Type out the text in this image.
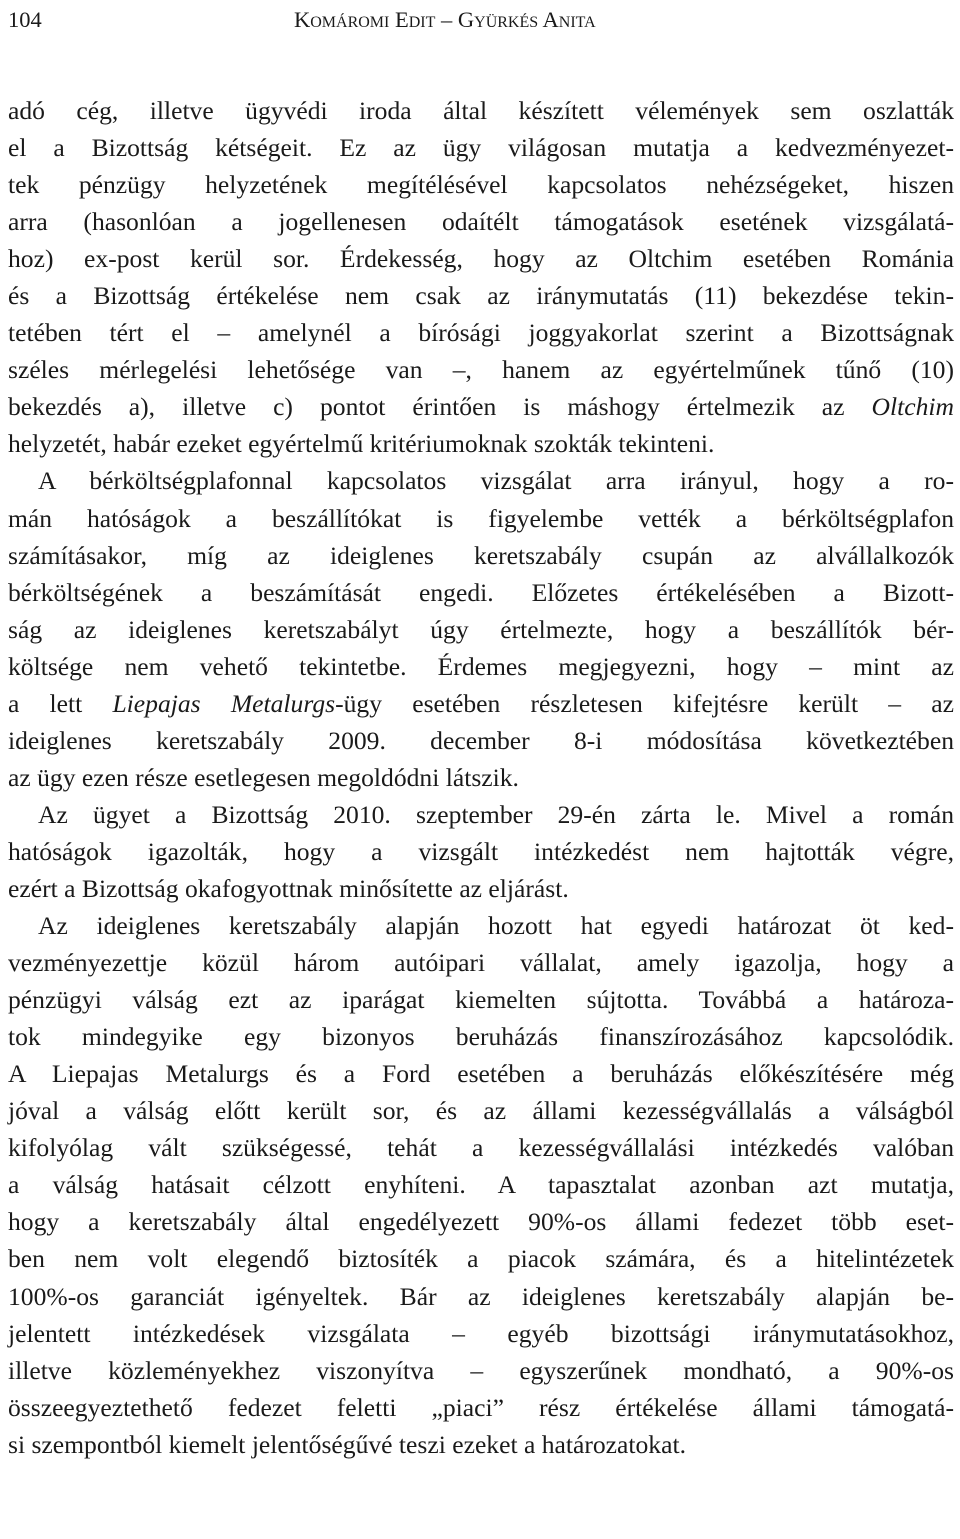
104	Komáromi Edit – Gyürkés Anita
adó cég, illetve ügyvédi iroda által készített vélemények sem oszlatták
el a Bizottság kétségeit. Ez az ügy világosan mutatja a kedvezményezet-
tek pénzügy helyzetének megítélésével kapcsolatos nehézségeket, hiszen
arra (hasonlóan a jogellenesen odaítélt támogatások esetének vizsgálatá-
hoz) ex-post kerül sor. Érdekesség, hogy az Oltchim esetében Románia
és a Bizottság értékelése nem csak az iránymutatás (11) bekezdése tekin-
tetében tért el – amelynél a bírósági joggyakorlat szerint a Bizottságnak
széles mérlegelési lehetősége van –, hanem az egyértelműnek tűnő (10)
bekezdés a), illetve c) pontot érintően is máshogy értelmezik az Oltchim
helyzetét, habár ezeket egyértelmű kritériumoknak szokták tekinteni.
A bérköltségplafonnal kapcsolatos vizsgálat arra irányul, hogy a ro-
mán hatóságok a beszállítókat is figyelembe vették a bérköltségplafon
számításakor, míg az ideiglenes keretszabály csupán az alvállalkozók
bérköltségének a beszámítását engedi. Előzetes értékelésében a Bizott-
ság az ideiglenes keretszabályt úgy értelmezte, hogy a beszállítók bér-
költsége nem vehető tekintetbe. Érdemes megjegyezni, hogy – mint az
a lett Liepajas Metalurgs-ügy esetében részletesen kifejtésre került – az
ideiglenes keretszabály 2009. december 8-i módosítása következtében
az ügy ezen része esetlegesen megoldódni látszik.
Az ügyet a Bizottság 2010. szeptember 29-én zárta le. Mivel a román
hatóságok igazolták, hogy a vizsgált intézkedést nem hajtották végre,
ezért a Bizottság okafogyottnak minősítette az eljárást.
Az ideiglenes keretszabály alapján hozott hat egyedi határozat öt ked-
vezményezettje közül három autóipari vállalat, amely igazolja, hogy a
pénzügyi válság ezt az iparágat kiemelten sújtotta. Továbbá a határoza-
tok mindegyike egy bizonyos beruházás finanszírozásához kapcsolódik.
A Liepajas Metalurgs és a Ford esetében a beruházás előkészítésére még
jóval a válság előtt került sor, és az állami kezességvállalás a válságból
kifolyólag vált szükségessé, tehát a kezességvállalási intézkedés valóban
a válság hatásait célzott enyhíteni. A tapasztalat azonban azt mutatja,
hogy a keretszabály által engedélyezett 90%-os állami fedezet több eset-
ben nem volt elegendő biztosíték a piacok számára, és a hitelintézetek
100%-os garanciát igényeltek. Bár az ideiglenes keretszabály alapján be-
jelentett intézkedések vizsgálata – egyéb bizottsági iránymutatásokhoz,
illetve közleményekhez viszonyítva – egyszerűnek mondható, a 90%-os
összeegyeztethető fedezet feletti „piaci” rész értékelése állami támogatá-
si szempontból kiemelt jelentőségűvé teszi ezeket a határozatokat.
